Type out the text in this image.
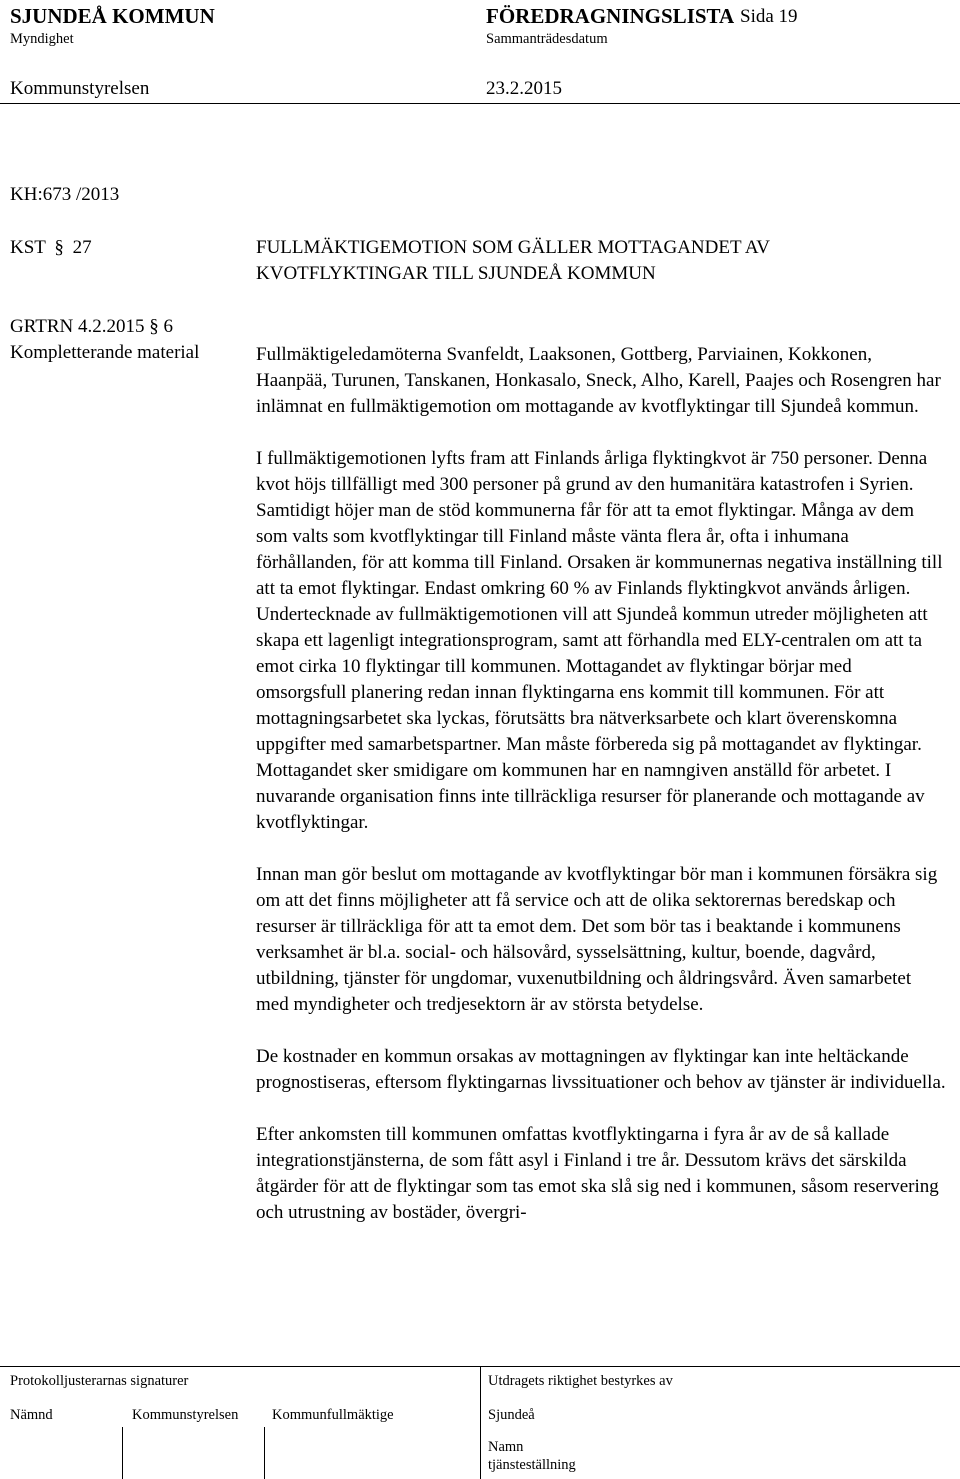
SJUNDEÅ KOMMUN	FÖREDRAGNINGSLISTA Sida 19
Myndighet	Sammanträdesdatum
Kommunstyrelsen	23.2.2015
KH:673 /2013
KST § 27	FULLMÄKTIGEMOTION SOM GÄLLER MOTTAGANDET AV
KVOTFLYKTINGAR TILL SJUNDEÅ KOMMUN
GRTRN 4.2.2015 § 6
Kompletterande material	Fullmäktigeledamöterna Svanfeldt, Laaksonen, Gottberg, Parviainen, Kokkonen, Haanpää, Turunen, Tanskanen, Honkasalo, Sneck, Alho, Karell, Paajes och Rosengren har inlämnat en fullmäktigemotion om mottagande av kvotflyktingar till Sjundeå kommun.

I fullmäktigemotionen lyfts fram att Finlands årliga flyktingkvot är 750 personer. Denna kvot höjs tillfälligt med 300 personer på grund av den humanitära katastrofen i Syrien. Samtidigt höjer man de stöd kommunerna får för att ta emot flyktingar. Många av dem som valts som kvotflyktingar till Finland måste vänta flera år, ofta i inhumana förhållanden, för att komma till Finland. Orsaken är kommunernas negativa inställning till att ta emot flyktingar. Endast omkring 60 % av Finlands flyktingkvot används årligen. Undertecknade av fullmäktigemotionen vill att Sjundeå kommun utreder möjligheten att skapa ett lagenligt integrationsprogram, samt att förhandla med ELY-centralen om att ta emot cirka 10 flyktingar till kommunen. Mottagandet av flyktingar börjar med omsorgsfull planering redan innan flyktingarna ens kommit till kommunen. För att mottagningsarbetet ska lyckas, förutsätts bra nätverksarbete och klart överenskomna uppgifter med samarbetspartner. Man måste förbereda sig på mottagandet av flyktingar. Mottagandet sker smidigare om kommunen har en namngiven anställd för arbetet. I nuvarande organisation finns inte tillräckliga resurser för planerande och mottagande av kvotflyktingar.

Innan man gör beslut om mottagande av kvotflyktingar bör man i kommunen försäkra sig om att det finns möjligheter att få service och att de olika sektorernas beredskap och resurser är tillräckliga för att ta emot dem. Det som bör tas i beaktande i kommunens verksamhet är bl.a. social- och hälsovård, sysselsättning, kultur, boende, dagvård, utbildning, tjänster för ungdomar, vuxenutbildning och åldringsvård. Även samarbetet med myndigheter och tredjesektorn är av största betydelse.

De kostnader en kommun orsakas av mottagningen av flyktingar kan inte heltäckande prognostiseras, eftersom flyktingarnas livssituationer och behov av tjänster är individuella.

Efter ankomsten till kommunen omfattas kvotflyktingarna i fyra år av de så kallade integrationstjänsterna, de som fått asyl i Finland i tre år. Dessutom krävs det särskilda åtgärder för att de flyktingar som tas emot ska slå sig ned i kommunen, såsom reservering och utrustning av bostäder, övergri-

Protokolljusterarnas signaturer	Utdragets riktighet bestyrkes av
Nämnd	Kommunstyrelsen Kommunfullmäktige	Sjundeå
Namn
tjänsteställning
